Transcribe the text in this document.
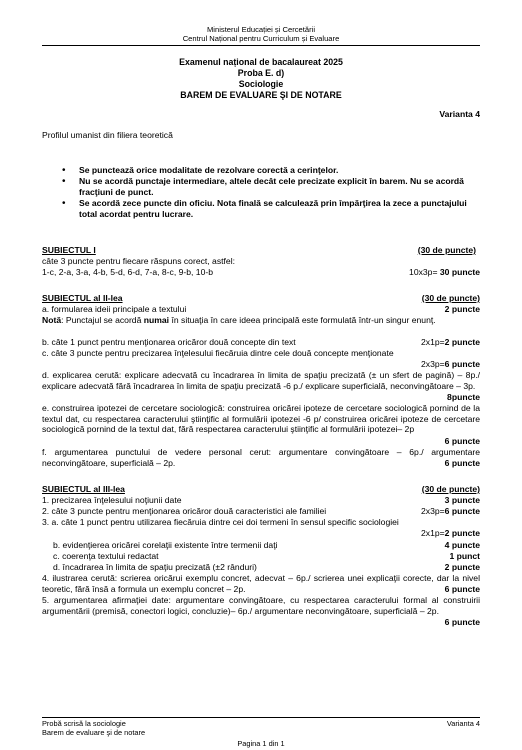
Ministerul Educației și Cercetării
Centrul Național pentru Curriculum și Evaluare
Examenul național de bacalaureat 2025
Proba E. d)
Sociologie
BAREM DE EVALUARE ŞI DE NOTARE
Varianta 4
Profilul umanist din filiera teoretică
• Se punctează orice modalitate de rezolvare corectă a cerinţelor.
• Nu se acordă punctaje intermediare, altele decât cele precizate explicit în barem. Nu se acordă fracţiuni de punct.
• Se acordă zece puncte din oficiu. Nota finală se calculează prin împărţirea la zece a punctajului total acordat pentru lucrare.
SUBIECTUL I	(30 de puncte)
câte 3 puncte pentru fiecare răspuns corect, astfel:
1-c, 2-a, 3-a, 4-b, 5-d, 6-d, 7-a, 8-c, 9-b, 10-b	10x3p= 30 puncte
SUBIECTUL al II-lea	(30 de puncte)
a. formularea ideii principale a textului	2 puncte
Notă: Punctajul se acordă numai în situaţia în care ideea principală este formulată într-un singur enunţ.
b. câte 1 punct pentru menţionarea oricăror două concepte din text	2x1p=2 puncte
c. câte 3 puncte pentru precizarea înţelesului fiecăruia dintre cele două concepte menţionate
2x3p=6 puncte
d. explicarea cerută: explicare adecvată cu încadrarea în limita de spaţiu precizată (± un sfert de pagină) – 8p./ explicare adecvată fără încadrarea în limita de spaţiu precizată -6 p./ explicare superficială, neconvingătoare – 3p.
8puncte
e. construirea ipotezei de cercetare sociologică: construirea oricărei ipoteze de cercetare sociologică pornind de la textul dat, cu respectarea caracterului ştiinţific al formulării ipotezei -6 p/ construirea oricărei ipoteze de cercetare sociologică pornind de la textul dat, fără respectarea caracterului ştiinţific al formulării ipotezei– 2p
6 puncte
f. argumentarea punctului de vedere personal cerut: argumentare convingătoare – 6p./ argumentare neconvingătoare, superficială – 2p.	6 puncte
SUBIECTUL al III-lea	(30 de puncte)
1. precizarea înţelesului noţiunii date	3 puncte
2. câte 3 puncte pentru menţionarea oricăror două caracteristici ale familiei	2x3p=6 puncte
3. a. câte 1 punct pentru utilizarea fiecăruia dintre cei doi termeni în sensul specific sociologiei
2x1p=2 puncte
b. evidenţierea oricărei corelaţii existente între termenii daţi	4 puncte
c. coerenţa textului redactat	1 punct
d. încadrarea în limita de spaţiu precizată (±2 rânduri)	2 puncte
4. ilustrarea cerută: scrierea oricărui exemplu concret, adecvat – 6p./ scrierea unei explicaţii corecte, dar la nivel teoretic, fără însă a formula un exemplu concret – 2p.	6 puncte
5. argumentarea afirmaţiei date: argumentare convingătoare, cu respectarea caracterului formal al construirii argumentării (premisă, conectori logici, concluzie)– 6p./ argumentare neconvingătoare, superficială – 2p.
6 puncte
Probă scrisă la sociologie
Barem de evaluare şi de notare
Varianta 4
Pagina 1 din 1
